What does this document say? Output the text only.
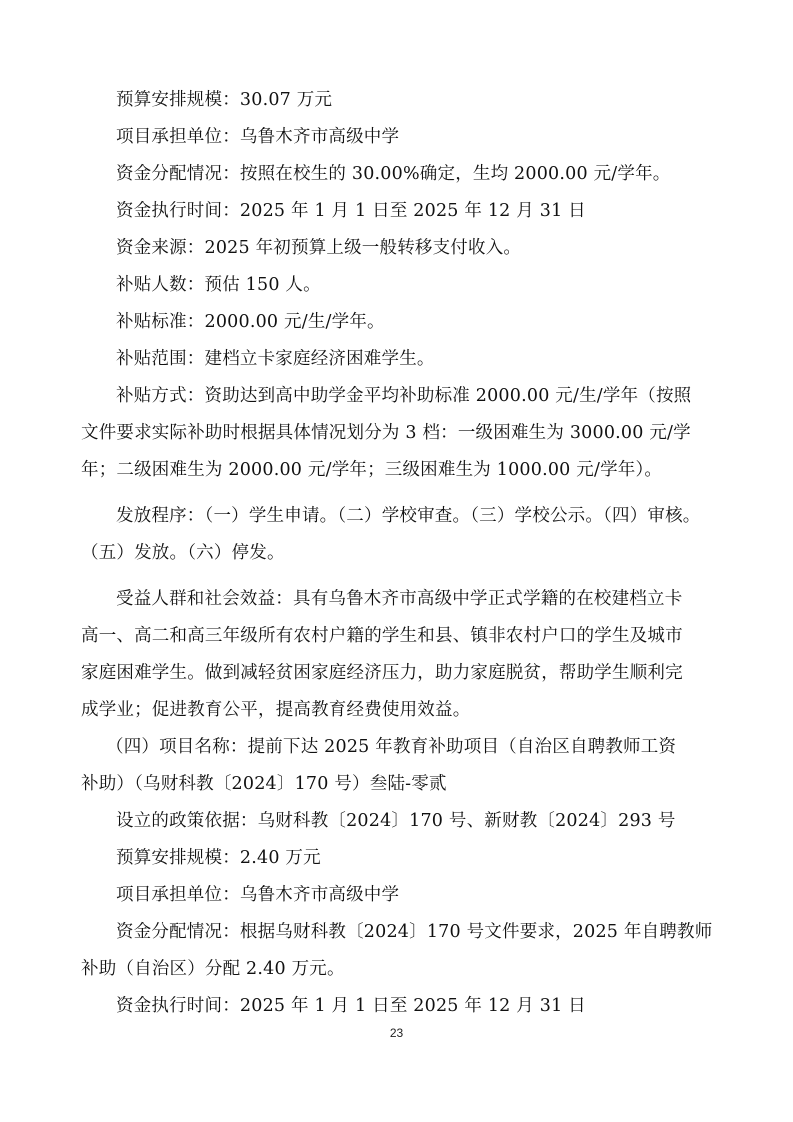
预算安排规模：30.07 万元
项目承担单位：乌鲁木齐市高级中学
资金分配情况：按照在校生的 30.00%确定，生均 2000.00 元/学年。
资金执行时间：2025 年 1 月 1 日至 2025 年 12 月 31 日
资金来源：2025 年初预算上级一般转移支付收入。
补贴人数：预估 150 人。
补贴标准：2000.00 元/生/学年。
补贴范围：建档立卡家庭经济困难学生。
补贴方式：资助达到高中助学金平均补助标准 2000.00 元/生/学年（按照
文件要求实际补助时根据具体情况划分为 3 档：一级困难生为 3000.00 元/学
年；二级困难生为 2000.00 元/学年；三级困难生为 1000.00 元/学年）。
发放程序：（一）学生申请。（二）学校审查。（三）学校公示。（四）审核。
（五）发放。（六）停发。
受益人群和社会效益：具有乌鲁木齐市高级中学正式学籍的在校建档立卡
高一、高二和高三年级所有农村户籍的学生和县、镇非农村户口的学生及城市
家庭困难学生。做到减轻贫困家庭经济压力，助力家庭脱贫，帮助学生顺利完
成学业；促进教育公平，提高教育经费使用效益。
（四）项目名称：提前下达 2025 年教育补助项目（自治区自聘教师工资
补助）（乌财科教〔2024〕170 号）叁陆-零贰
设立的政策依据：乌财科教〔2024〕170 号、新财教〔2024〕293 号
预算安排规模：2.40 万元
项目承担单位：乌鲁木齐市高级中学
资金分配情况：根据乌财科教〔2024〕170 号文件要求，2025 年自聘教师
补助（自治区）分配 2.40 万元。
资金执行时间：2025 年 1 月 1 日至 2025 年 12 月 31 日
23
